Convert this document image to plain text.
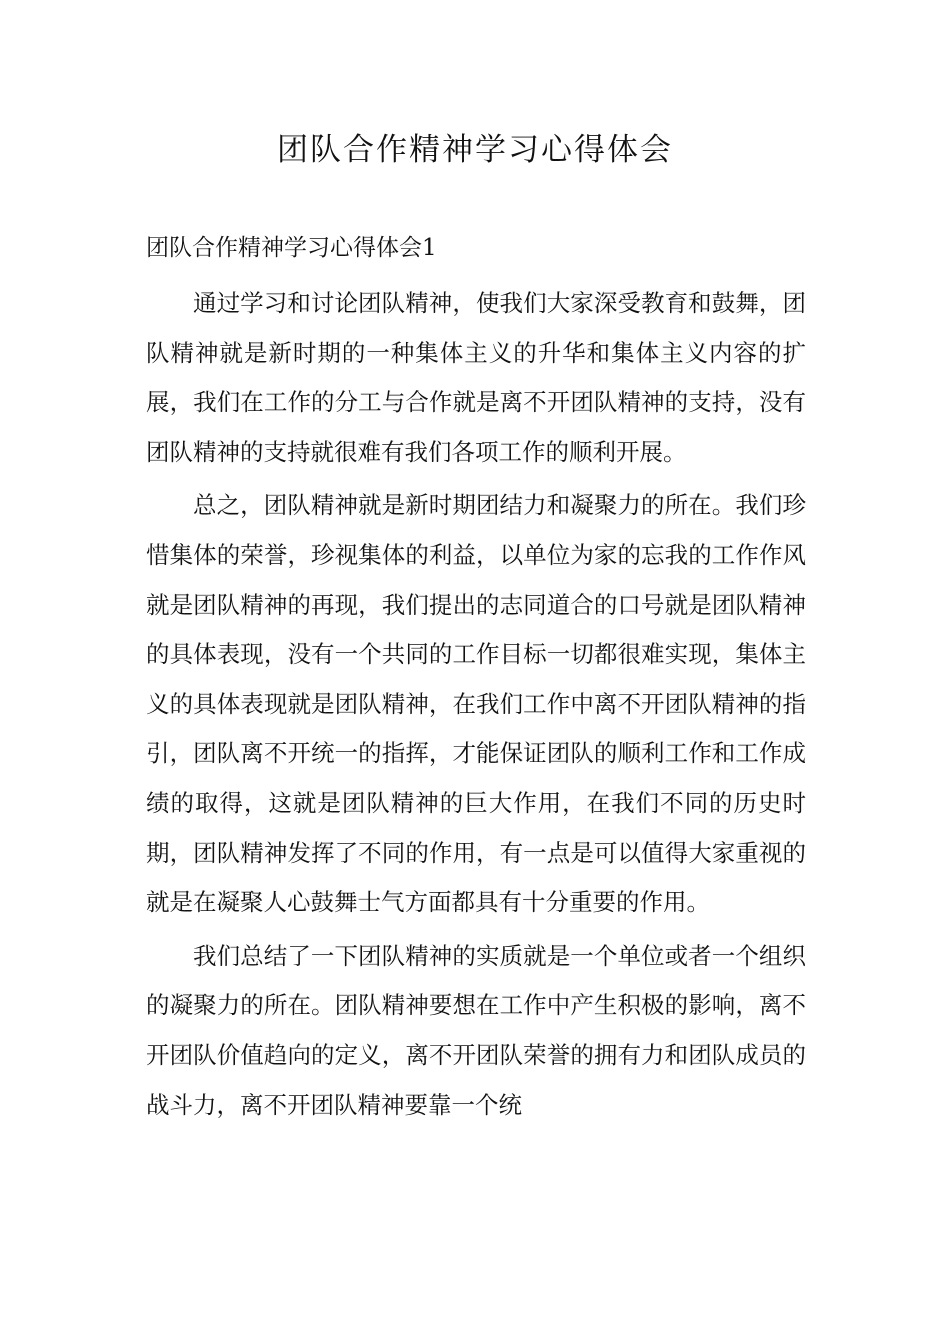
团队合作精神学习心得体会
团队合作精神学习心得体会1

通过学习和讨论团队精神，使我们大家深受教育和鼓舞，团队精神就是新时期的一种集体主义的升华和集体主义内容的扩展，我们在工作的分工与合作就是离不开团队精神的支持，没有团队精神的支持就很难有我们各项工作的顺利开展。

总之，团队精神就是新时期团结力和凝聚力的所在。我们珍惜集体的荣誉，珍视集体的利益，以单位为家的忘我的工作作风就是团队精神的再现，我们提出的志同道合的口号就是团队精神的具体表现，没有一个共同的工作目标一切都很难实现，集体主义的具体表现就是团队精神，在我们工作中离不开团队精神的指引，团队离不开统一的指挥，才能保证团队的顺利工作和工作成绩的取得，这就是团队精神的巨大作用，在我们不同的历史时期，团队精神发挥了不同的作用，有一点是可以值得大家重视的就是在凝聚人心鼓舞士气方面都具有十分重要的作用。

我们总结了一下团队精神的实质就是一个单位或者一个组织的凝聚力的所在。团队精神要想在工作中产生积极的影响，离不开团队价值趋向的定义，离不开团队荣誉的拥有力和团队成员的战斗力，离不开团队精神要靠一个统
